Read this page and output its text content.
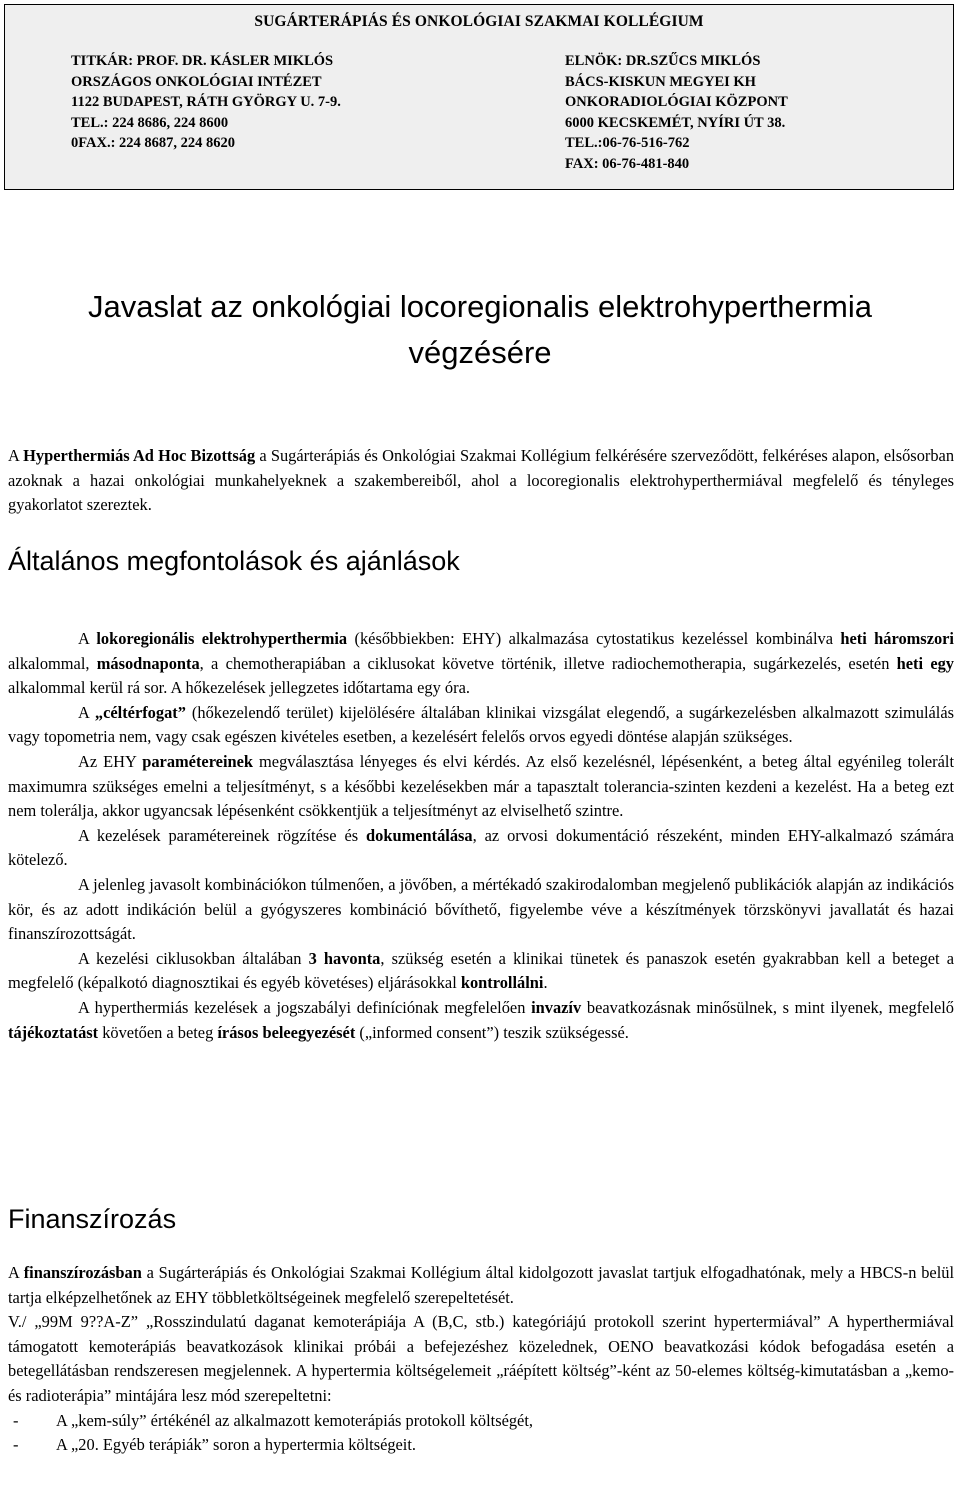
SUGÁRTERÁPIÁS ÉS ONKOLÓGIAI SZAKMAI KOLLÉGIUM
TITKÁR: PROF. DR. KÁSLER MIKLÓS
ORSZÁGOS ONKOLÓGIAI INTÉZET
1122 BUDAPEST, RÁTH GYÖRGY U. 7-9.
TEL.: 224 8686, 224 8600
0FAX.: 224 8687, 224 8620
ELNÖK: DR.SZŰCS MIKLÓS
BÁCS-KISKUN MEGYEI KH
ONKORADIOLÓGIAI KÖZPONT
6000 KECSKEMÉT, NYÍRI ÚT 38.
TEL.:06-76-516-762
FAX: 06-76-481-840
Javaslat az onkológiai locoregionalis elektrohyperthermia
végzésére

A Hyperthermiás Ad Hoc Bizottság a Sugárterápiás és Onkológiai Szakmai Kollégium felkérésére szerveződött, felkéréses alapon, elsősorban azoknak a hazai onkológiai munkahelyeknek a szakembereiből, ahol a locoregionalis elektrohyperthermiával megfelelő és tényleges gyakorlatot szereztek.

Általános megfontolások és ajánlások

A lokoregionális elektrohyperthermia (későbbiekben: EHY) alkalmazása cytostatikus kezeléssel kombinálva heti háromszori alkalommal, másodnaponta, a chemotherapiában a ciklusokat követve történik, illetve radiochemotherapia, sugárkezelés, esetén heti egy alkalommal kerül rá sor. A hőkezelések jellegzetes időtartama egy óra.

A „céltérfogat” (hőkezelendő terület) kijelölésére általában klinikai vizsgálat elegendő, a sugárkezelésben alkalmazott szimulálás vagy topometria nem, vagy csak egészen kivételes esetben, a kezelésért felelős orvos egyedi döntése alapján szükséges.

Az EHY paramétereinek megválasztása lényeges és elvi kérdés. Az első kezelésnél, lépésenként, a beteg által egyénileg tolerált maximumra szükséges emelni a teljesítményt, s a későbbi kezelésekben már a tapasztalt tolerancia-szinten kezdeni a kezelést. Ha a beteg ezt nem tolerálja, akkor ugyancsak lépésenként csökkentjük a teljesítményt az elviselhető szintre.

A kezelések paramétereinek rögzítése és dokumentálása, az orvosi dokumentáció részeként, minden EHY-alkalmazó számára kötelező.

A jelenleg javasolt kombinációkon túlmenően, a jövőben, a mértékadó szakirodalomban megjelenő publikációk alapján az indikációs kör, és az adott indikáción belül a gyógyszeres kombináció bővíthető, figyelembe véve a készítmények törzskönyvi javallatát és hazai finanszírozottságát.

A kezelési ciklusokban általában 3 havonta, szükség esetén a klinikai tünetek és panaszok esetén gyakrabban kell a beteget a megfelelő (képalkotó diagnosztikai és egyéb követéses) eljárásokkal kontrollálni.

A hyperthermiás kezelések a jogszabályi definíciónak megfelelően invazív beavatkozásnak minősülnek, s mint ilyenek, megfelelő tájékoztatást követően a beteg írásos beleegyezését („informed consent”) teszik szükségessé.

Finanszírozás

A finanszírozásban a Sugárterápiás és Onkológiai Szakmai Kollégium által kidolgozott javaslat tartjuk elfogadhatónak, mely a HBCS-n belül tartja elképzelhetőnek az EHY többletköltségeinek megfelelő szerepeltetését.

V./ „99M 9??A-Z” „Rosszindulatú daganat kemoterápiája A (B,C, stb.) kategóriájú protokoll szerint hypertermiával” A hyperthermiával támogatott kemoterápiás beavatkozások klinikai próbái a befejezéshez közelednek, OENO beavatkozási kódok befogadása esetén a betegellátásban rendszeresen megjelennek. A hypertermia költségelemeit „ráépített költség”-ként az 50-elemes költség-kimutatásban a „kemo- és radioterápia” mintájára lesz mód szerepeltetni:

- A „kem-súly” értékénél az alkalmazott kemoterápiás protokoll költségét,
- A „20. Egyéb terápiák” soron a hypertermia költségeit.
